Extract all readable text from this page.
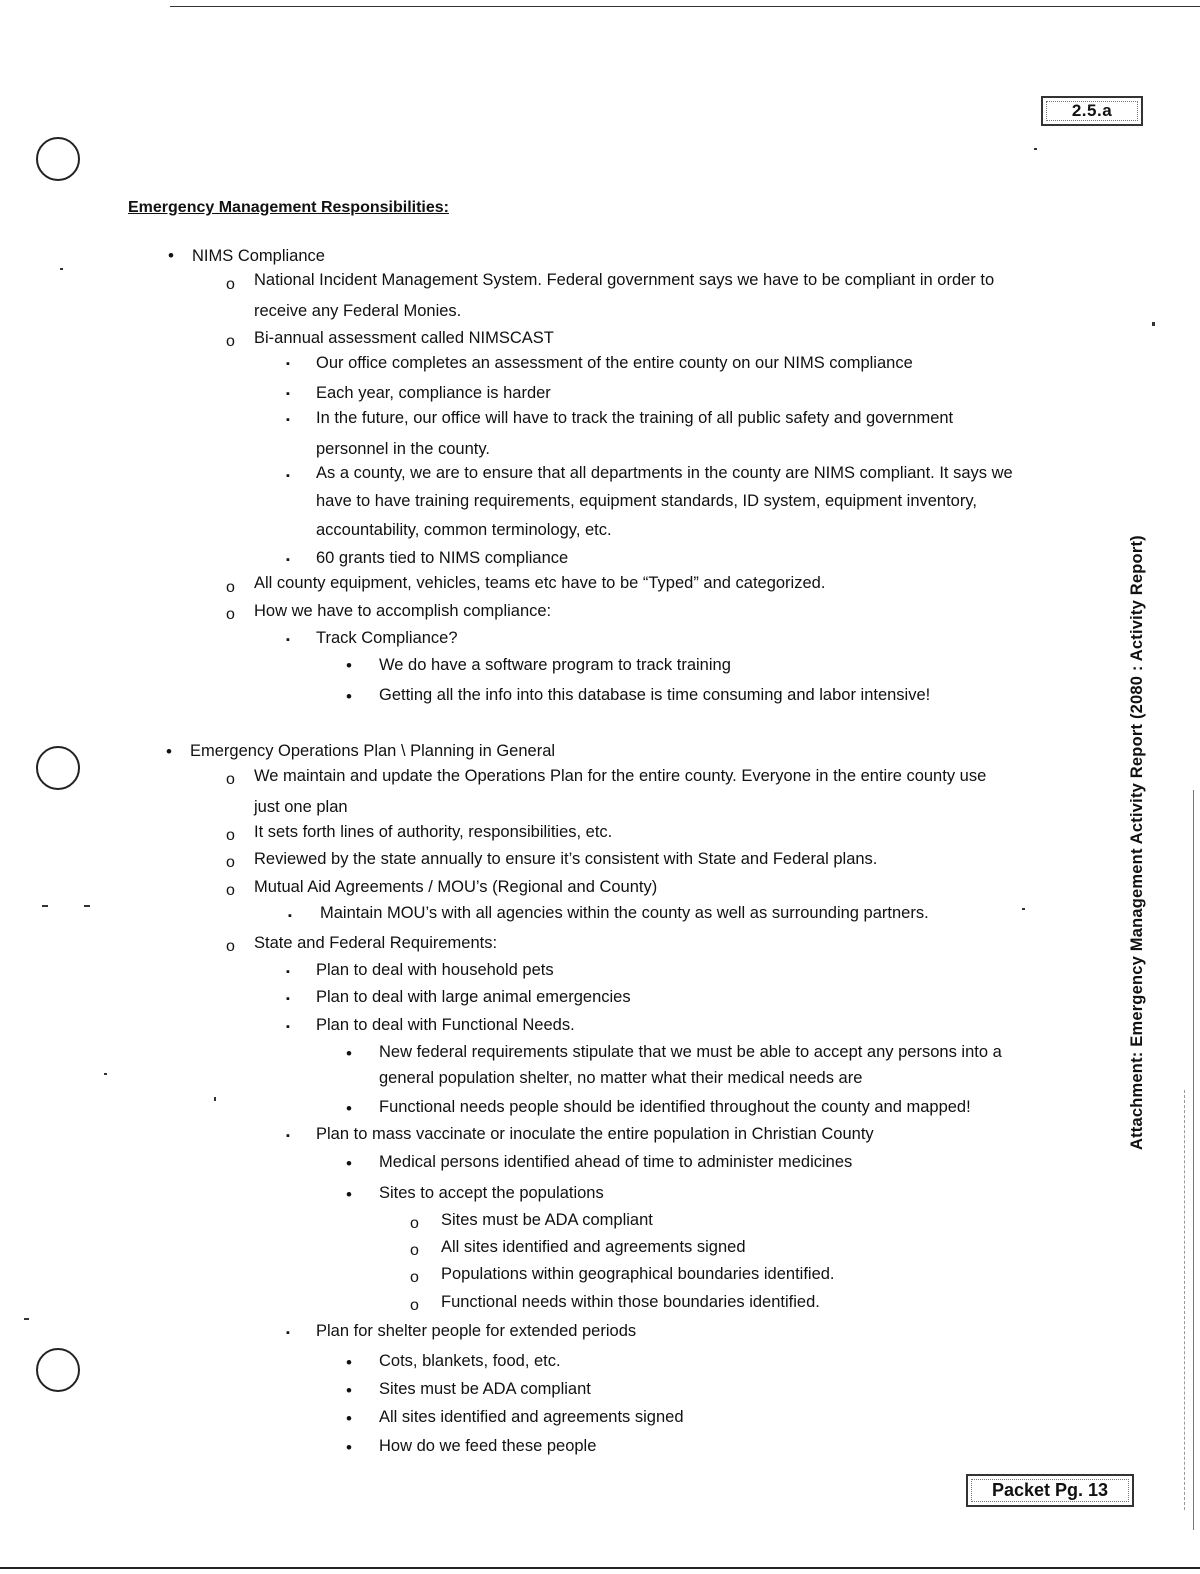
2.5.a
Packet Pg. 13
Attachment: Emergency Management Activity Report (2080 : Activity Report)
Emergency Management Responsibilities:
• NIMS Compliance
o National Incident Management System. Federal government says we have to be compliant in order to
receive any Federal Monies.
o Bi-annual assessment called NIMSCAST
▪ Our office completes an assessment of the entire county on our NIMS compliance
▪ Each year, compliance is harder
▪ In the future, our office will have to track the training of all public safety and government
personnel in the county.
▪ As a county, we are to ensure that all departments in the county are NIMS compliant. It says we
have to have training requirements, equipment standards, ID system, equipment inventory,
accountability, common terminology, etc.
▪ 60 grants tied to NIMS compliance
o All county equipment, vehicles, teams etc have to be “Typed” and categorized.
o How we have to accomplish compliance:
▪ Track Compliance?
• We do have a software program to track training
• Getting all the info into this database is time consuming and labor intensive!
• Emergency Operations Plan \ Planning in General
o We maintain and update the Operations Plan for the entire county. Everyone in the entire county use
just one plan
o It sets forth lines of authority, responsibilities, etc.
o Reviewed by the state annually to ensure it’s consistent with State and Federal plans.
o Mutual Aid Agreements / MOU’s (Regional and County)
▪ Maintain MOU’s with all agencies within the county as well as surrounding partners.
o State and Federal Requirements:
▪ Plan to deal with household pets
▪ Plan to deal with large animal emergencies
▪ Plan to deal with Functional Needs.
• New federal requirements stipulate that we must be able to accept any persons into a
general population shelter, no matter what their medical needs are
• Functional needs people should be identified throughout the county and mapped!
▪ Plan to mass vaccinate or inoculate the entire population in Christian County
• Medical persons identified ahead of time to administer medicines
• Sites to accept the populations
o Sites must be ADA compliant
o All sites identified and agreements signed
o Populations within geographical boundaries identified.
o Functional needs within those boundaries identified.
▪ Plan for shelter people for extended periods
• Cots, blankets, food, etc.
• Sites must be ADA compliant
• All sites identified and agreements signed
• How do we feed these people
